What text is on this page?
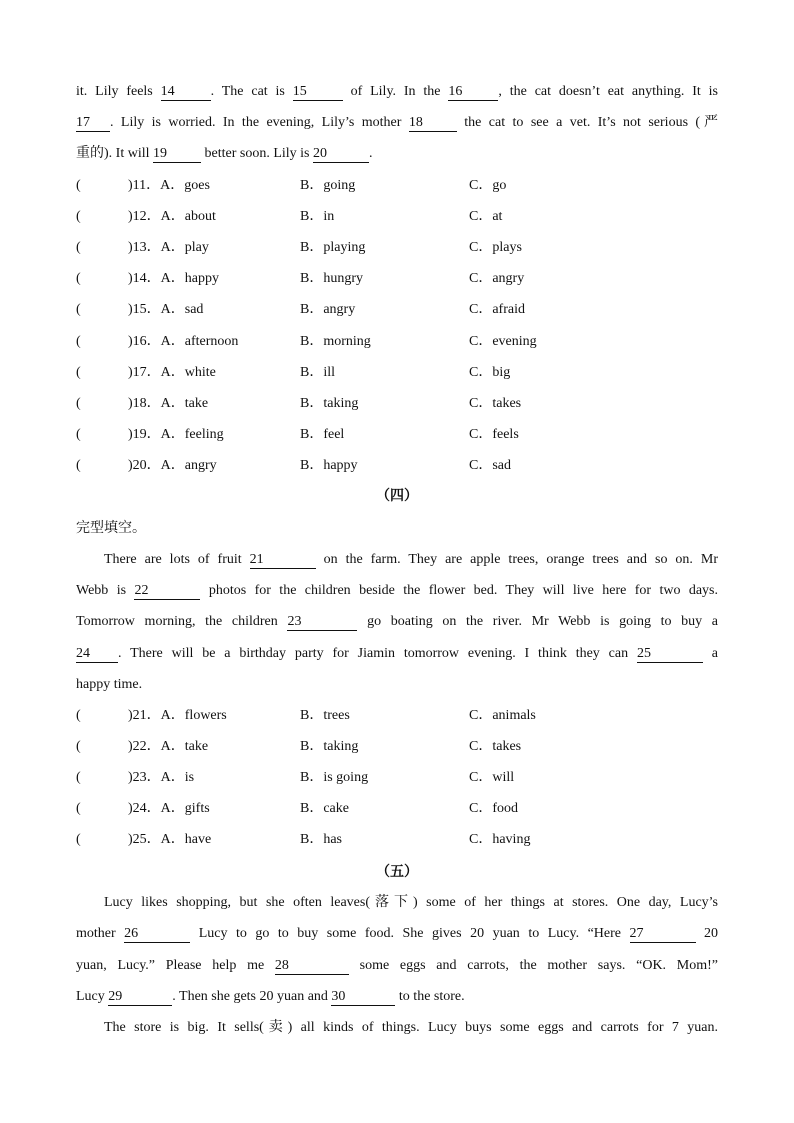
it. Lily feels 14	. The cat is 15	of Lily. In the 16	, the cat doesn’t eat anything. It is
17 . Lily is worried. In the evening, Lily’s mother 18	the cat to see a vet. It’s not serious (严
重的). It will 19	better soon. Lily is 20	.
(	)11．A．goes	B．going	C．go
(	)12．A．about	B．in	C．at
(	)13．A．play	B．playing	C．plays
(	)14．A．happy	B．hungry	C．angry
(	)15．A．sad	B．angry	C．afraid
(	)16．A．afternoon	B．morning	C．evening
(	)17．A．white	B．ill	C．big
(	)18．A．take	B．taking	C．takes
(	)19．A．feeling	B．feel	C．feels
(	)20．A．angry	B．happy	C．sad
（四）
完型填空。
There are lots of fruit 21	on the farm. They are apple trees, orange trees and so on. Mr
Webb is 22	photos for the children beside the flower bed. They will live here for two days.
Tomorrow morning, the children 23	go boating on the river. Mr Webb is going to buy a
24 . There will be a birthday party for Jiamin tomorrow evening. I think they can 25	a
happy time.
(	)21．A．flowers	B．trees	C．animals
(	)22．A．take	B．taking	C．takes
(	)23．A．is	B．is going	C．will
(	)24．A．gifts	B．cake	C．food
(	)25．A．have	B．has	C．having
（五）
Lucy likes shopping, but she often leaves(落下) some of her things at stores. One day, Lucy’s
mother 26	Lucy to go to buy some food. She gives 20 yuan to Lucy. “Here 27	20
yuan, Lucy.” Please help me 28	some eggs and carrots, the mother says. “OK. Mom!”
Lucy 29	. Then she gets 20 yuan and 30	to the store.
The store is big. It sells(卖) all kinds of things. Lucy buys some eggs and carrots for 7 yuan.
